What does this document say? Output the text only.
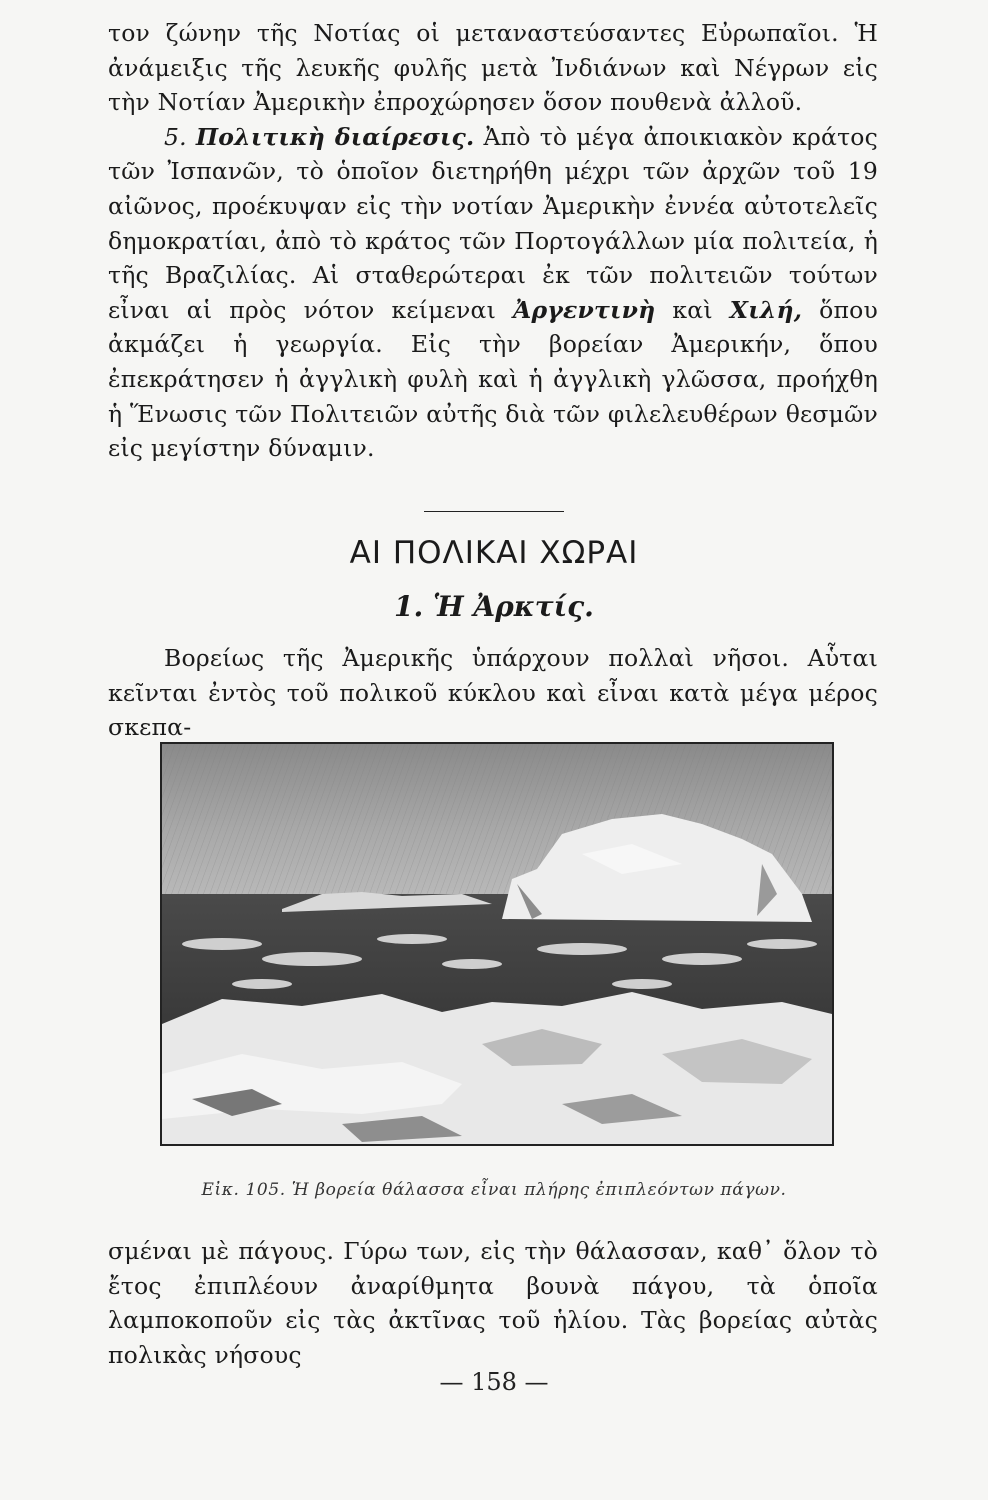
τον ζώνην τῆς Νοτίας οἱ μεταναστεύσαντες Εὐρωπαῖοι. Ἡ ἀνάμειξις τῆς λευκῆς φυλῆς μετὰ Ἰνδιάνων καὶ Νέγρων εἰς τὴν Νοτίαν Ἀμερικὴν ἐπροχώρησεν ὅσον πουθενὰ ἀλλοῦ.

5. Πολιτικὴ διαίρεσις. Ἀπὸ τὸ μέγα ἀποικιακὸν κράτος τῶν Ἰσπανῶν, τὸ ὁποῖον διετηρήθη μέχρι τῶν ἀρχῶν τοῦ 19 αἰῶνος, προέκυψαν εἰς τὴν νοτίαν Ἀμερικὴν ἐννέα αὐτοτελεῖς δημοκρατίαι, ἀπὸ τὸ κράτος τῶν Πορτογάλλων μία πολιτεία, ἡ τῆς Βραζιλίας. Αἱ σταθερώτεραι ἐκ τῶν πολιτειῶν τούτων εἶναι αἱ πρὸς νότον κείμεναι Ἀργεντινὴ καὶ Χιλή, ὅπου ἀκμάζει ἡ γεωργία. Εἰς τὴν βορείαν Ἀμερικήν, ὅπου ἐπεκράτησεν ἡ ἀγγλικὴ φυλὴ καὶ ἡ ἀγγλικὴ γλῶσσα, προήχθη ἡ Ἕνωσις τῶν Πολιτειῶν αὐτῆς διὰ τῶν φιλελευθέρων θεσμῶν εἰς μεγίστην δύναμιν.

ΑΙ ΠΟΛΙΚΑΙ ΧΩΡΑΙ
1. Ἡ Ἀρκτίς.

Βορείως τῆς Ἀμερικῆς ὑπάρχουν πολλαὶ νῆσοι. Αὗται κεῖνται ἐντὸς τοῦ πολικοῦ κύκλου καὶ εἶναι κατὰ μέγα μέρος σκεπα-

Εἰκ. 105. Ἡ βορεία θάλασσα εἶναι πλήρης ἐπιπλεόντων πάγων.

σμέναι μὲ πάγους. Γύρω των, εἰς τὴν θάλασσαν, καθ᾽ ὅλον τὸ ἔτος ἐπιπλέουν ἀναρίθμητα βουνὰ πάγου, τὰ ὁποῖα λαμποκοποῦν εἰς τὰς ἀκτῖνας τοῦ ἡλίου. Τὰς βορείας αὐτὰς πολικὰς νήσους

— 158 —
